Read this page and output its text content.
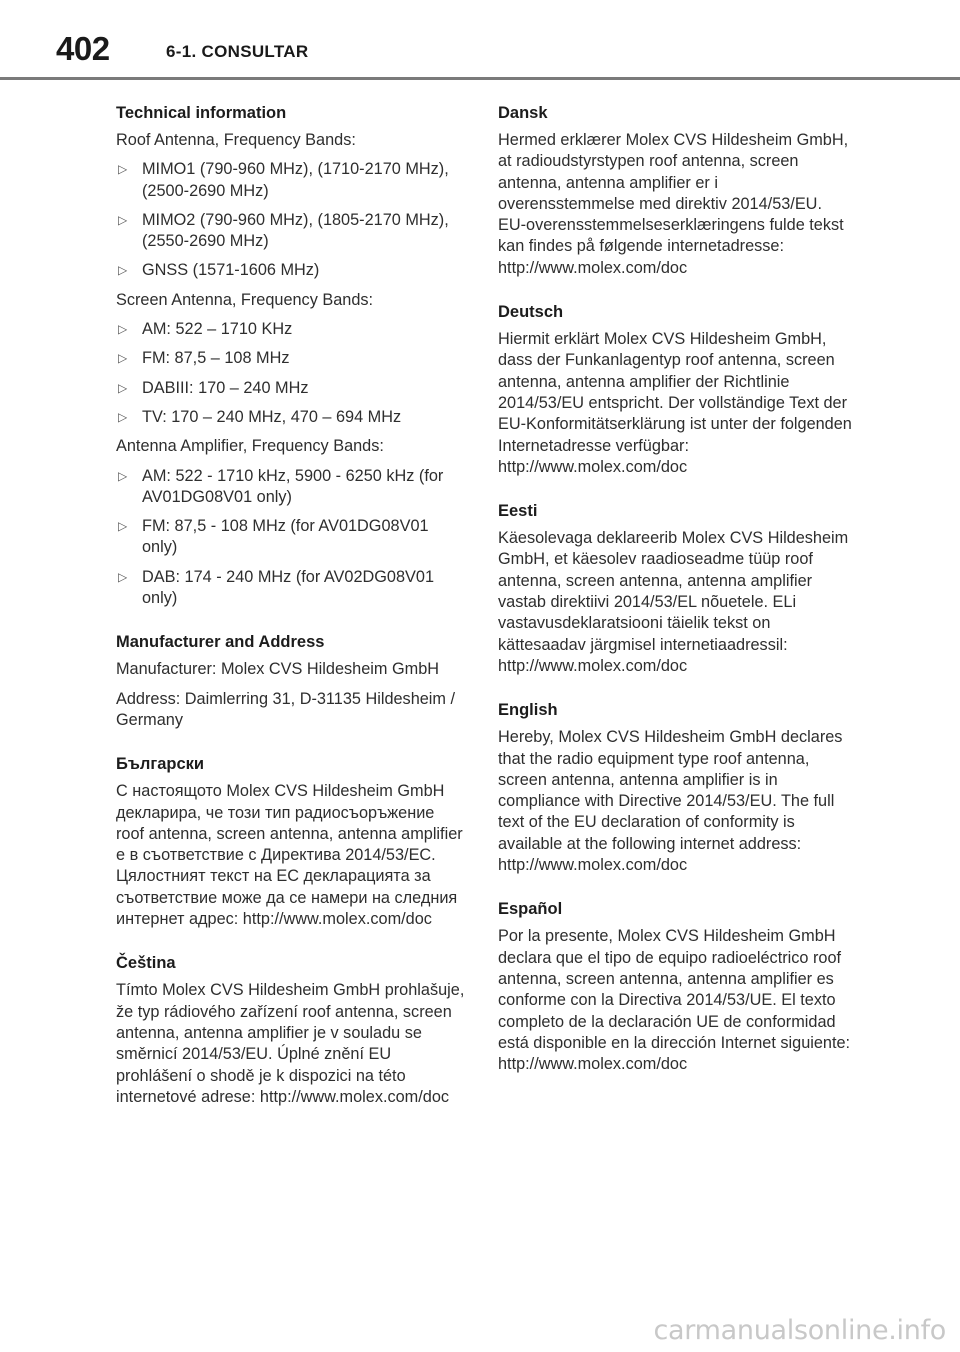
402	6-1. CONSULTAR
Technical information

Roof Antenna, Frequency Bands:

▷ MIMO1 (790-960 MHz), (1710-2170 MHz), (2500-2690 MHz)
▷ MIMO2 (790-960 MHz), (1805-2170 MHz), (2550-2690 MHz)
▷ GNSS (1571-1606 MHz)

Screen Antenna, Frequency Bands:

▷ AM: 522 – 1710 KHz
▷ FM: 87,5 – 108 MHz
▷ DABIII: 170 – 240 MHz
▷ TV: 170 – 240 MHz, 470 – 694 MHz

Antenna Amplifier, Frequency Bands:

▷ AM: 522 - 1710 kHz, 5900 - 6250 kHz (for AV01DG08V01 only)
▷ FM: 87,5 - 108 MHz (for AV01DG08V01 only)
▷ DAB: 174 - 240 MHz (for AV02DG08V01 only)
Manufacturer and Address

Manufacturer: Molex CVS Hildesheim GmbH

Address: Daimlerring 31, D-31135 Hildesheim / Germany

Български

С настоящото Molex CVS Hildesheim GmbH декларира, че този тип радиосъоръжение roof antenna, screen antenna, antenna amplifier е в съответствие с Директива 2014/53/ЕС. Цялостният текст на ЕС декларацията за съответствие може да се намери на следния интернет адрес: http://www.molex.com/doc

Čeština

Tímto Molex CVS Hildesheim GmbH prohlašuje, že typ rádiového zařízení roof antenna, screen antenna, antenna amplifier je v souladu se směrnicí 2014/53/EU. Úplné znění EU prohlášení o shodě je k dispozici na této internetové adrese: http://www.molex.com/doc

Dansk

Hermed erklærer Molex CVS Hildesheim GmbH, at radioudstyrstypen roof antenna, screen antenna, antenna amplifier er i overensstemmelse med direktiv 2014/53/EU. EU-overensstemmelseserklæringens fulde tekst kan findes på følgende internetadresse: http://www.molex.com/doc

Deutsch

Hiermit erklärt Molex CVS Hildesheim GmbH, dass der Funkanlagentyp roof antenna, screen antenna, antenna amplifier der Richtlinie 2014/53/EU entspricht. Der vollständige Text der EU-Konformitätserklärung ist unter der folgenden Internetadresse verfügbar: http://www.molex.com/doc

Eesti

Käesolevaga deklareerib Molex CVS Hildesheim GmbH, et käesolev raadioseadme tüüp roof antenna, screen antenna, antenna amplifier vastab direktiivi 2014/53/EL nõuetele. ELi vastavusdeklaratsiooni täielik tekst on kättesaadav järgmisel internetiaadressil: http://www.molex.com/doc

English

Hereby, Molex CVS Hildesheim GmbH declares that the radio equipment type roof antenna, screen antenna, antenna amplifier is in compliance with Directive 2014/53/EU. The full text of the EU declaration of conformity is available at the following internet address: http://www.molex.com/doc

Español

Por la presente, Molex CVS Hildesheim GmbH declara que el tipo de equipo radioeléctrico roof antenna, screen antenna, antenna amplifier es conforme con la Directiva 2014/53/UE. El texto completo de la declaración UE de conformidad está disponible en la dirección Internet siguiente: http://www.molex.com/doc

carmanualsonline.info
